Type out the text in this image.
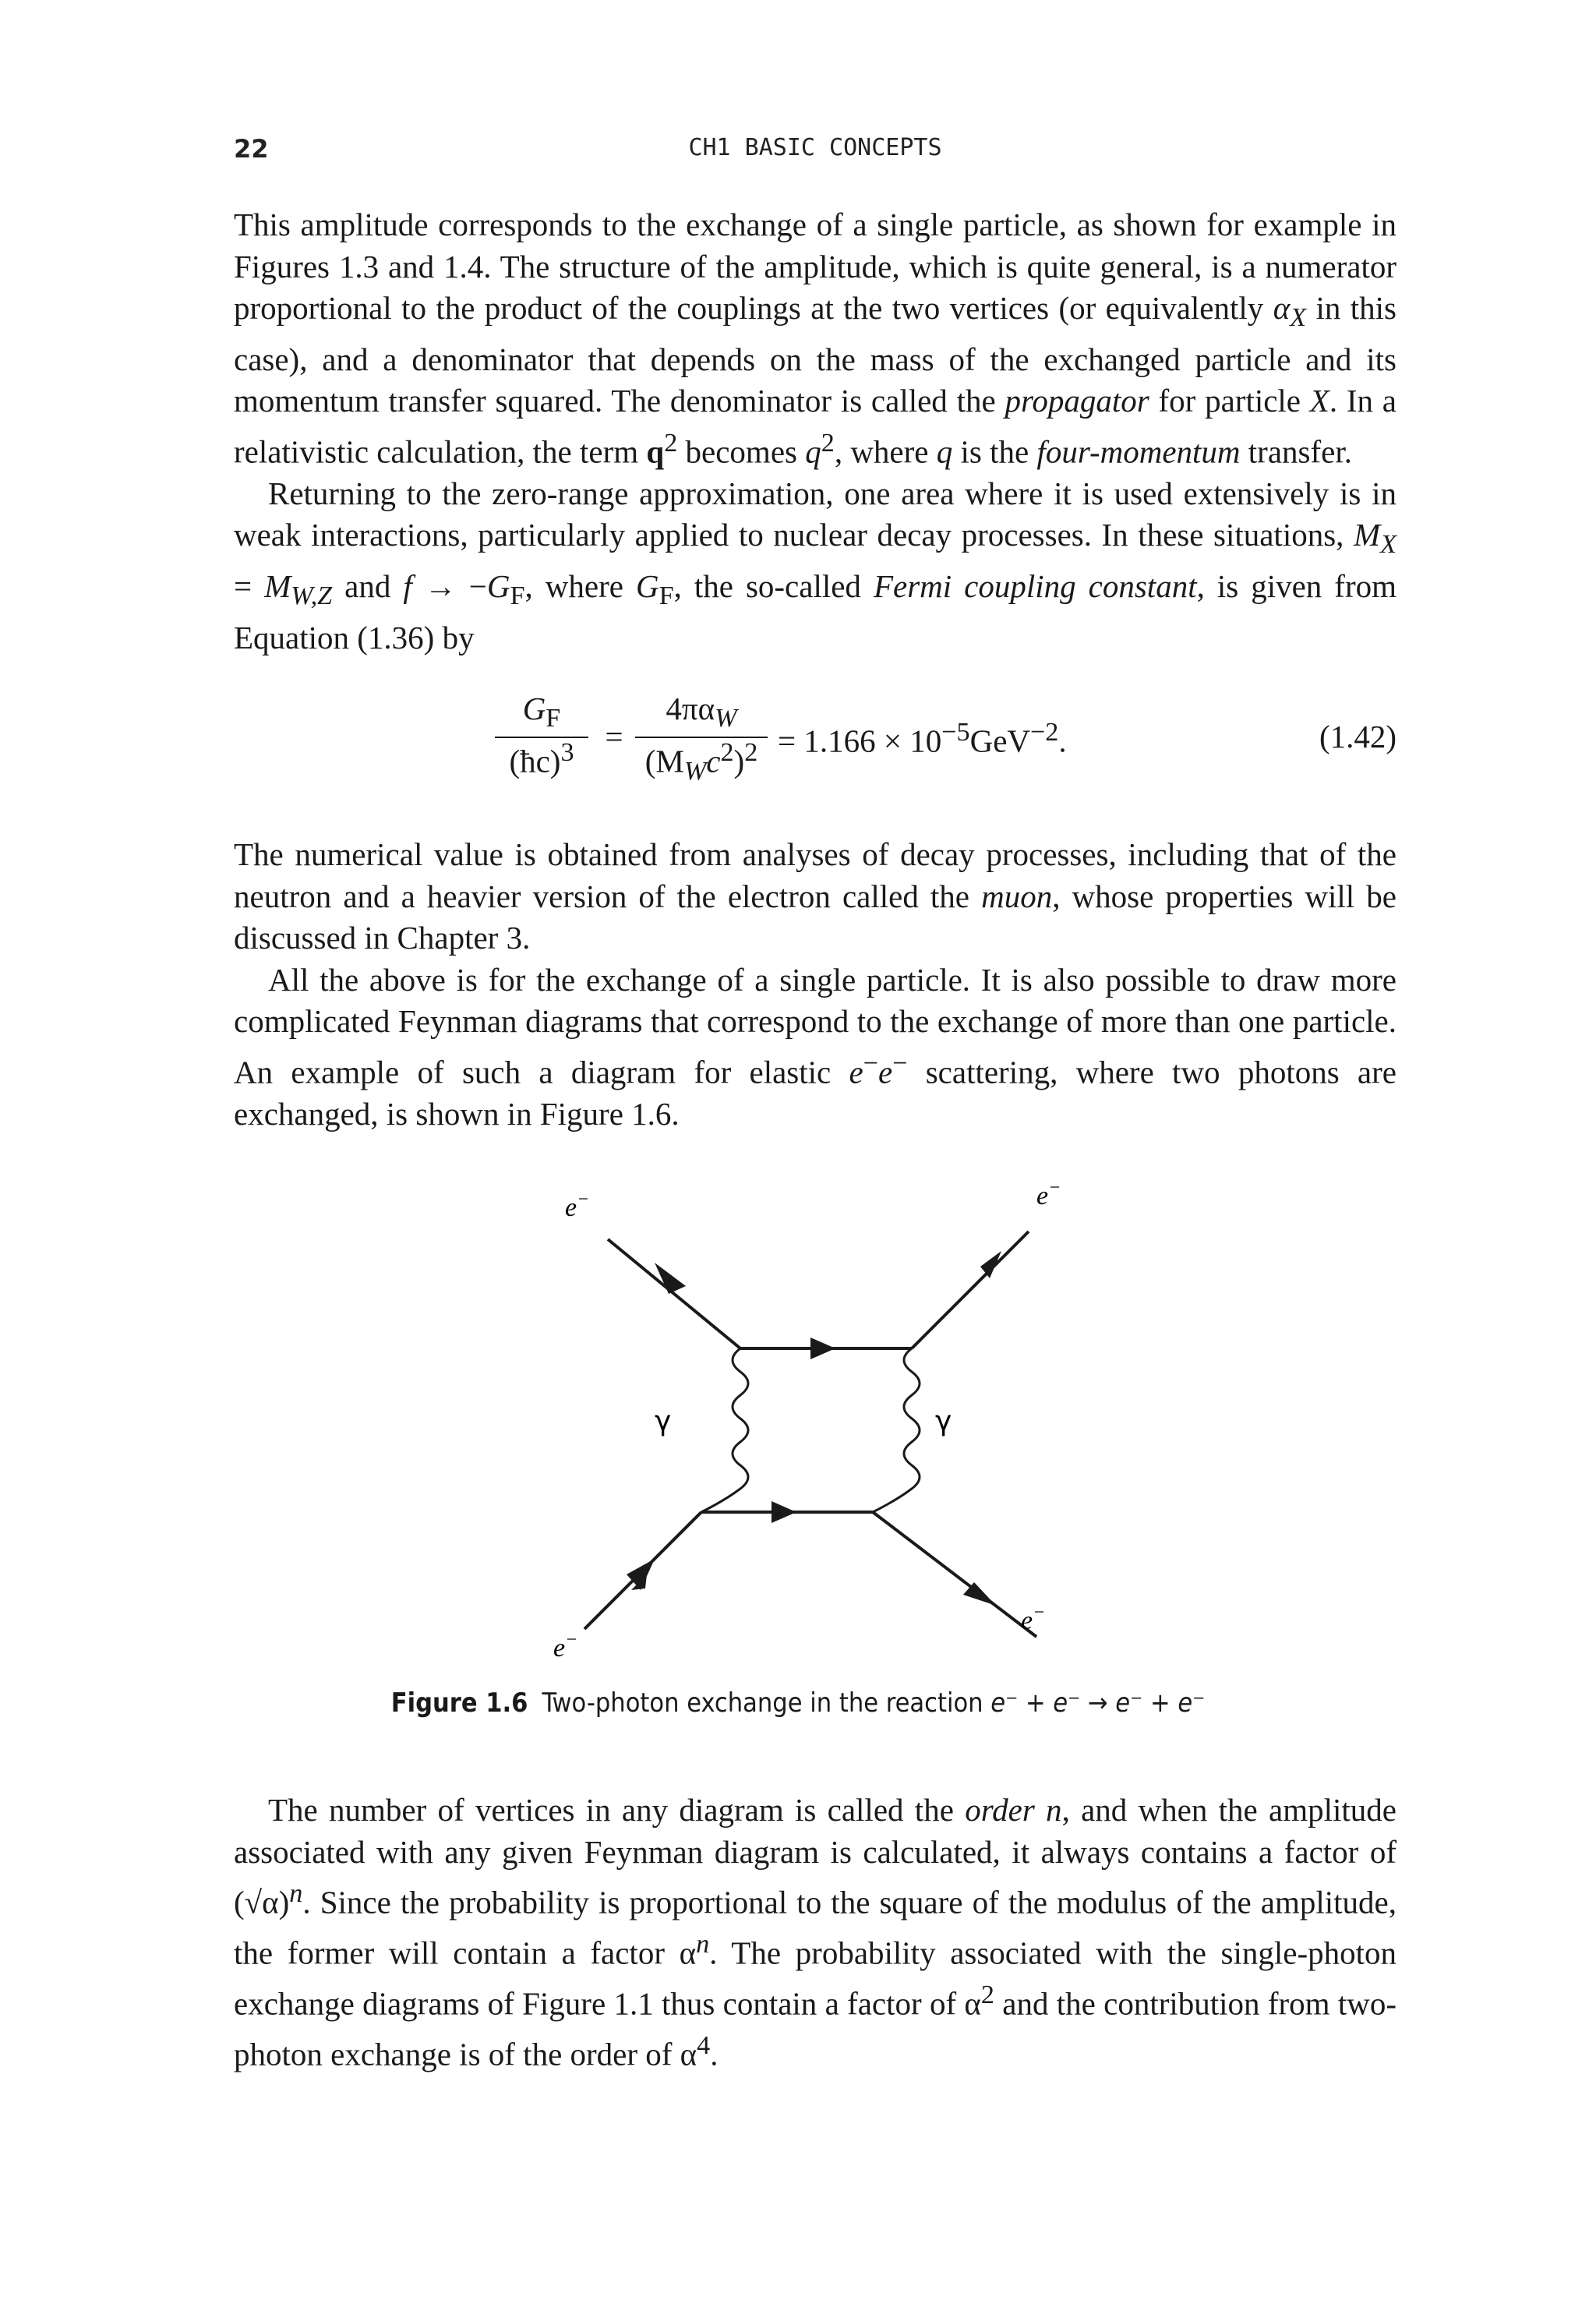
22	CH1 BASIC CONCEPTS

This amplitude corresponds to the exchange of a single particle, as shown for example in Figures 1.3 and 1.4. The structure of the amplitude, which is quite general, is a numerator proportional to the product of the couplings at the two vertices (or equivalently $\alpha_X$ in this case), and a denominator that depends on the mass of the exchanged particle and its momentum transfer squared. The denominator is called the propagator for particle X. In a relativistic calculation, the term $q^2$ becomes $q^2$, where q is the four-momentum transfer.

Returning to the zero-range approximation, one area where it is used extensively is in weak interactions, particularly applied to nuclear decay processes. In these situations, $M_X = M_{W,Z}$ and $f \to -G_F$, where $G_F$, the so-called Fermi coupling constant, is given from Equation (1.36) by

$G_F$
(ħc)$^3$ =
$4\pi\alpha_W$
$(M_Wc^2)^2 = 1.166 \times 10^{-5}GeV^{-2}$.	(1.42)

The numerical value is obtained from analyses of decay processes, including that of the neutron and a heavier version of the electron called the muon, whose properties will be discussed in Chapter 3.

All the above is for the exchange of a single particle. It is also possible to draw more complicated Feynman diagrams that correspond to the exchange of more than one particle. An example of such a diagram for elastic e−e− scattering, where two photons are exchanged, is shown in Figure 1.6.

e−	e−
e−
e−
γ	γ
Figure 1.6 Two-photon exchange in the reaction e⁻ + e⁻ → e⁻ + e⁻

The number of vertices in any diagram is called the order n, and when the amplitude associated with any given Feynman diagram is calculated, it always contains a factor of $(√\alpha)^n$. Since the probability is proportional to the square of the modulus of the amplitude, the former will contain a factor $\alpha^n$. The probability associated with the single-photon exchange diagrams of Figure 1.1 thus contain a factor of $\alpha^2$ and the contribution from two-photon exchange is of the order of $\alpha^4$.
